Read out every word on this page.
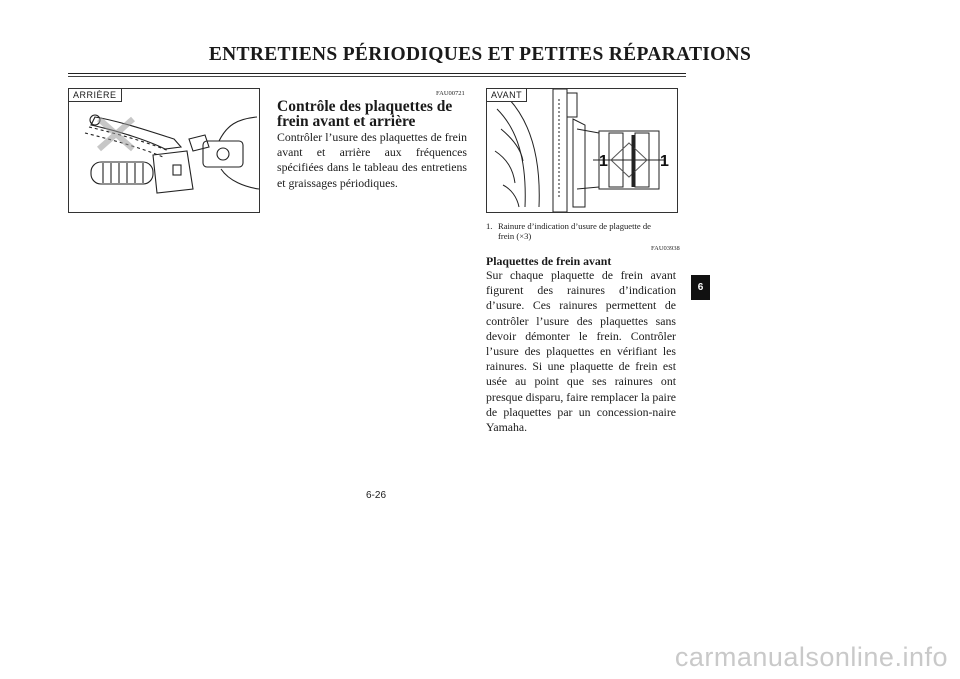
ENTRETIENS PÉRIODIQUES ET PETITES RÉPARATIONS
ARRIÈRE
1	1
AVANT
FAU00721
Contrôle des plaquettes de
frein avant et arrière
Contrôler l’usure des plaquettes de frein avant et arrière aux fréquences spécifiées dans le tableau des entretiens et graissages périodiques.
1. Rainure d’indication d’usure de plaguette de
frein (×3)
FAU03938
Plaquettes de frein avant
Sur chaque plaquette de frein avant figurent des rainures d’indication d’usure. Ces rainures permettent de contrôler l’usure des plaquettes sans devoir démonter le frein. Contrôler l’usure des plaquettes en vérifiant les rainures. Si une plaquette de frein est usée au point que ses rainures ont presque disparu, faire remplacer la paire de plaquettes par un concession-naire Yamaha.
6-26
6
carmanualsonline.info
